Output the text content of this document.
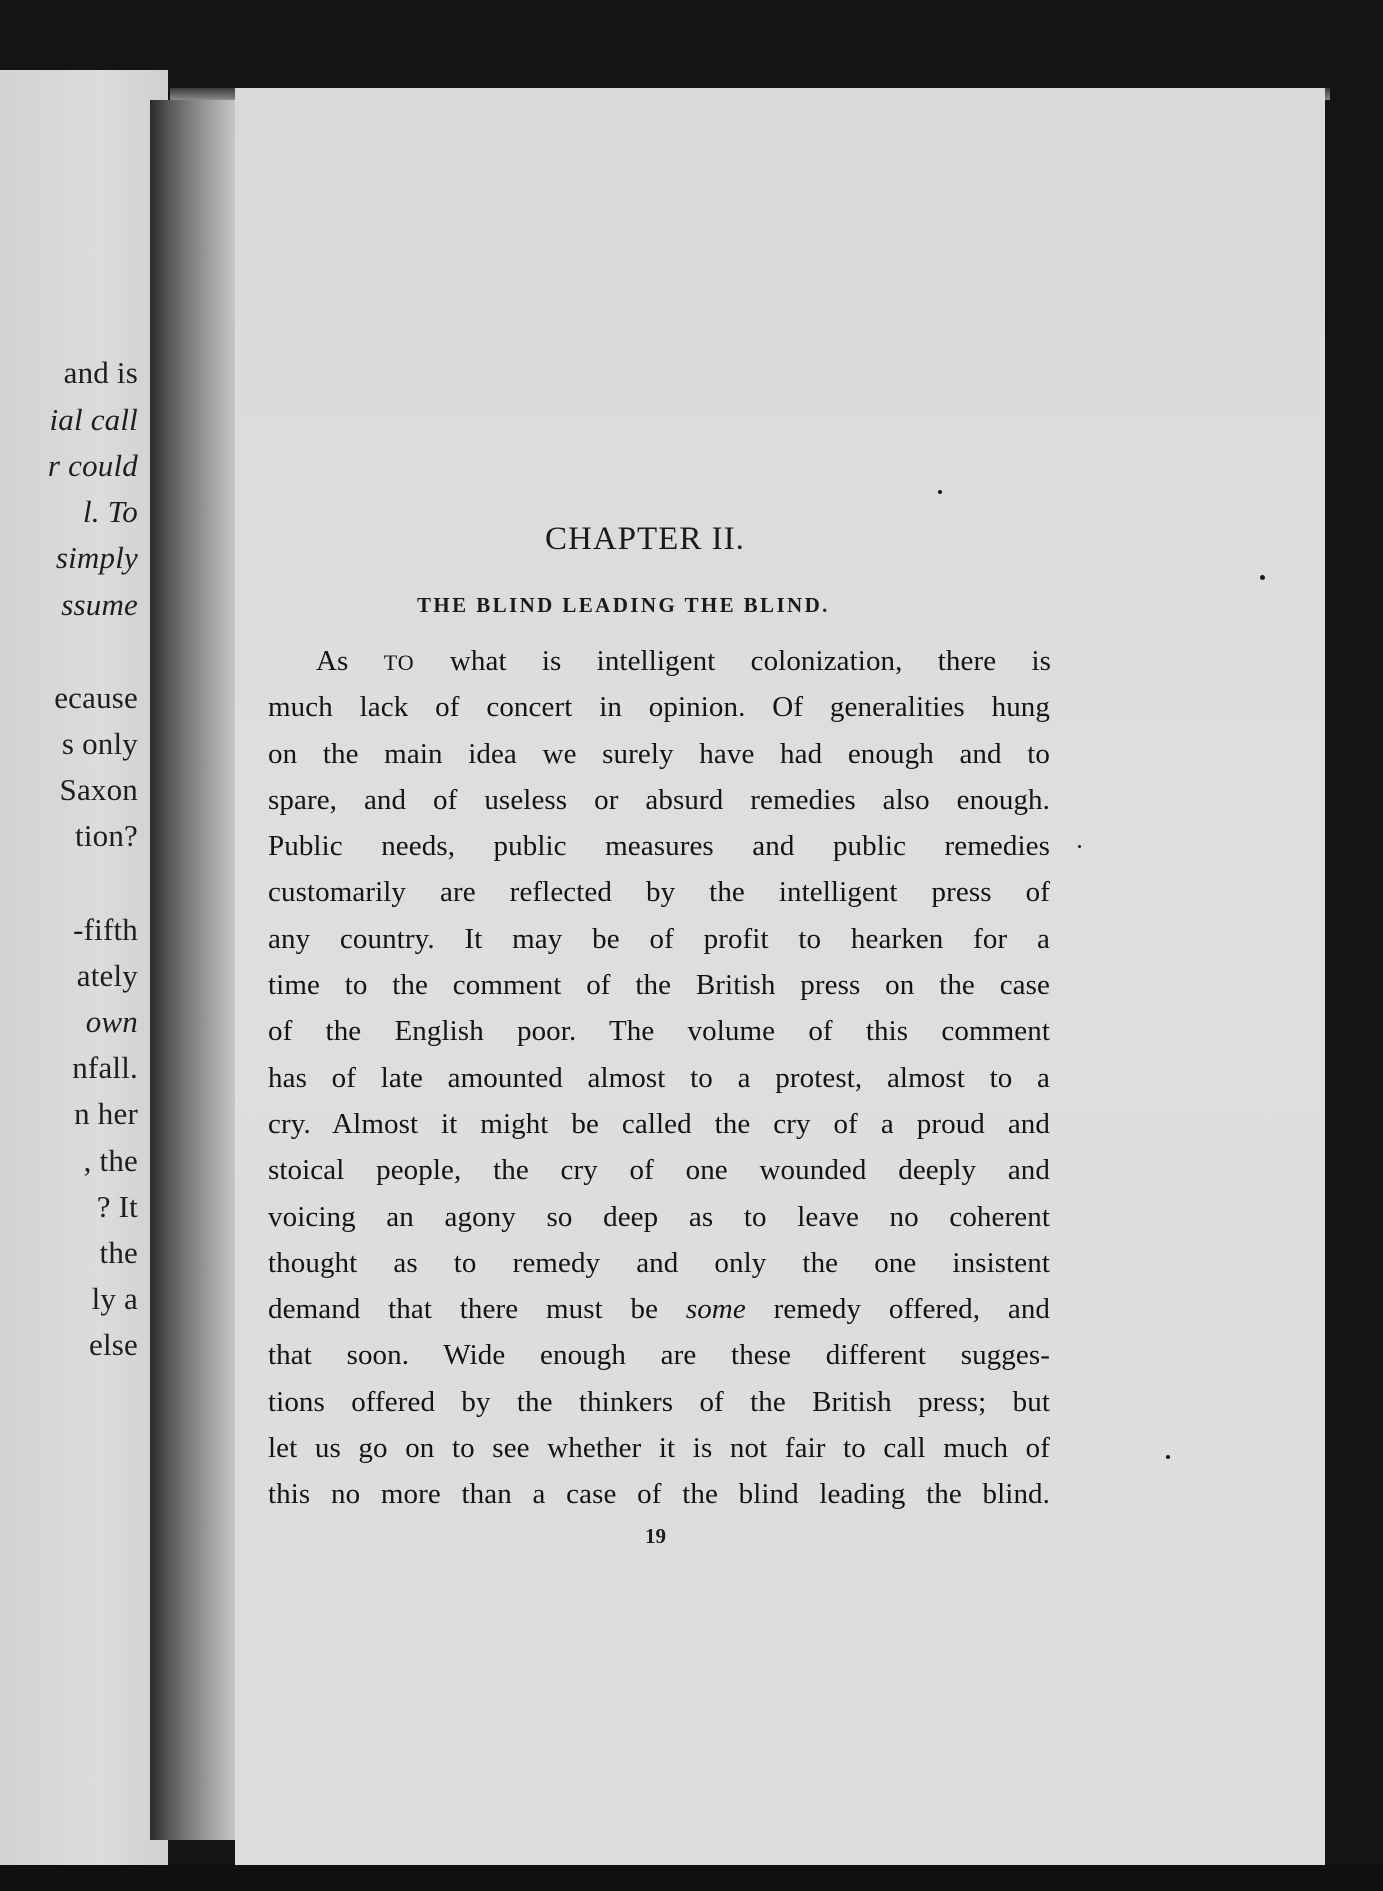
and is
ial call
r could
l. To
simply
ssume
ecause
s only
Saxon
tion?
-fifth
ately
own
nfall.
n her
, the
? It
the
ly a
else
CHAPTER II.
THE BLIND LEADING THE BLIND.
As TO what is intelligent colonization, there is
much lack of concert in opinion. Of generalities hung
on the main idea we surely have had enough and to
spare, and of useless or absurd remedies also enough.
Public needs, public measures and public remedies
customarily are reflected by the intelligent press of
any country. It may be of profit to hearken for a
time to the comment of the British press on the case
of the English poor. The volume of this comment
has of late amounted almost to a protest, almost to a
cry. Almost it might be called the cry of a proud and
stoical people, the cry of one wounded deeply and
voicing an agony so deep as to leave no coherent
thought as to remedy and only the one insistent
demand that there must be some remedy offered, and
that soon. Wide enough are these different sugges-
tions offered by the thinkers of the British press; but
let us go on to see whether it is not fair to call much of
this no more than a case of the blind leading the blind.
19
